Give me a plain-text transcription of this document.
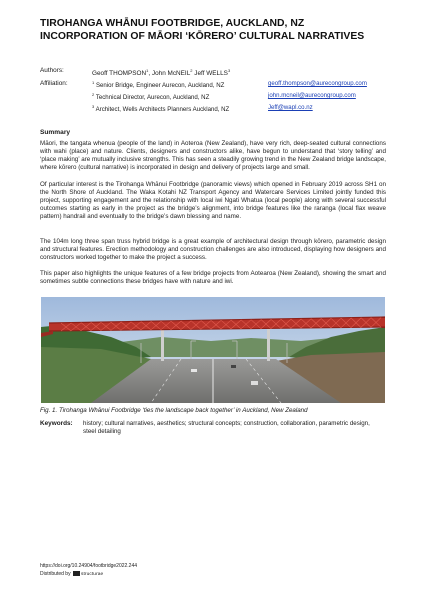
TIROHANGA WHĀNUI FOOTBRIDGE, AUCKLAND, NZ
INCORPORATION OF MĀORI ‘KŌRERO’ CULTURAL NARRATIVES
Authors:	Geoff THOMPSON$^1$, John McNEIL$^2$ Jeff WELLS$^3$
Affiliation:	$^1$ Senior Bridge, Engineer Aurecon, Auckland, NZ	geoff.thompson@aurecongroup.com
$^2$ Technical Director, Aurecon, Auckland, NZ	john.mcneil@aurecongroup.com
$^3$ Architect, Wells Architects Planners Auckland, NZ	Jeff@wapl.co.nz
Summary

Māori, the tangata whenua (people of the land) in Aoteroa (New Zealand), have very rich, deep-seated cultural connections with wahi (place) and nature. Clients, designers and constructors alike, have begun to understand that ‘story telling’ and ‘place making’ are mutually inclusive strengths. This has seen a steadily growing trend in the New Zealand bridge landscape, where kōrero (cultural narrative) is incorporated in design and delivery of projects large and small.

Of particular interest is the Tirohanga Whānui Footbridge (panoramic views) which opened in February 2019 across SH1 on the North Shore of Auckland. The Waka Kotahi NZ Transport Agency and Watercare Services Limited jointly funded this project, supporting engagement and the relationship with local iwi Ngati Whatua (local people) along with several successful outcomes starting as early in the project as the bridge’s alignment, into bridge features like the raranga (local flax weave pattern) handrail and eventually to the bridge’s dawn blessing and name.

The 104m long three span truss hybrid bridge is a great example of architectural design through kōrero, parametric design and structural features. Erection methodology and construction challenges are also introduced, displaying how designers and constructors worked together to make the project a success.

This paper also highlights the unique features of a few bridge projects from Aotearoa (New Zealand), showing the smart and sometimes subtle connections these bridges have with nature and iwi.

Fig. 1. Tirohanga Whānui Footbridge ‘ties the landscape back together’ in Auckland, New Zealand
Keywords: history; cultural narratives, aesthetics; structural concepts; construction, collaboration, parametric design, steel detailing
https://doi.org/10.24904/footbridge2022.244
Distributed by structurae
